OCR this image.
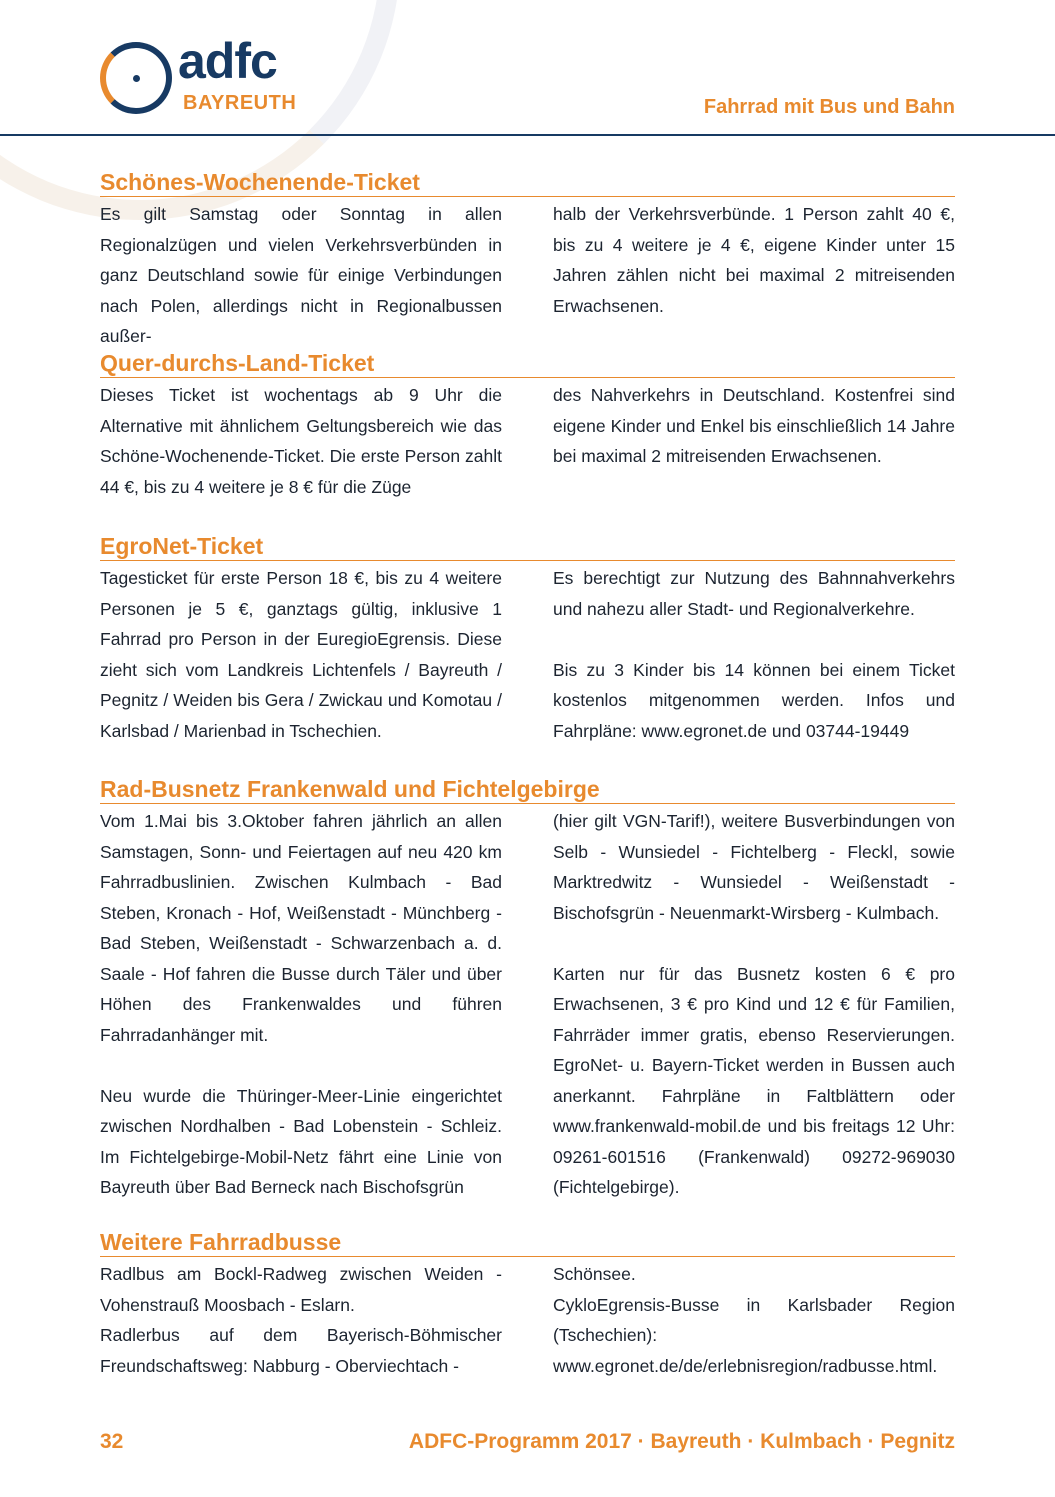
adfc
BAYREUTH	Fahrrad mit Bus und Bahn
Schönes-Wochenende-Ticket

Es gilt Samstag oder Sonntag in allen Regionalzügen und vielen Verkehrsverbünden in ganz Deutschland sowie für einige Verbindungen nach Polen, allerdings nicht in Regionalbussen außer-

halb der Verkehrsverbünde. 1 Person zahlt 40 €, bis zu 4 weitere je 4 €, eigene Kinder unter 15 Jahren zählen nicht bei maximal 2 mitreisenden Erwachsenen.

Quer-durchs-Land-Ticket

Dieses Ticket ist wochentags ab 9 Uhr die Alternative mit ähnlichem Geltungsbereich wie das Schöne-Wochenende-Ticket. Die erste Person zahlt 44 €, bis zu 4 weitere je 8 € für die Züge

des Nahverkehrs in Deutschland. Kostenfrei sind eigene Kinder und Enkel bis einschließlich 14 Jahre bei maximal 2 mitreisenden Erwachsenen.

EgroNet-Ticket

Tagesticket für erste Person 18 €, bis zu 4 weitere Personen je 5 €, ganztags gültig, inklusive 1 Fahrrad pro Person in der EuregioEgrensis. Diese zieht sich vom Landkreis Lichtenfels / Bayreuth / Pegnitz / Weiden bis Gera / Zwickau und Komotau / Karlsbad / Marienbad in Tschechien.

Es berechtigt zur Nutzung des Bahnnahverkehrs und nahezu aller Stadt- und Regionalverkehre.

Bis zu 3 Kinder bis 14 können bei einem Ticket kostenlos mitgenommen werden. Infos und Fahrpläne: www.egronet.de und 03744-19449

Rad-Busnetz Frankenwald und Fichtelgebirge

Vom 1.Mai bis 3.Oktober fahren jährlich an allen Samstagen, Sonn- und Feiertagen auf neu 420 km Fahrradbuslinien. Zwischen Kulmbach - Bad Steben, Kronach - Hof, Weißenstadt - Münchberg - Bad Steben, Weißenstadt - Schwarzenbach a. d. Saale - Hof fahren die Busse durch Täler und über Höhen des Frankenwaldes und führen Fahrradanhänger mit.

Neu wurde die Thüringer-Meer-Linie eingerichtet zwischen Nordhalben - Bad Lobenstein - Schleiz. Im Fichtelgebirge-Mobil-Netz fährt eine Linie von Bayreuth über Bad Berneck nach Bischofsgrün

(hier gilt VGN-Tarif!), weitere Busverbindungen von Selb - Wunsiedel - Fichtelberg - Fleckl, sowie Marktredwitz - Wunsiedel - Weißenstadt - Bischofsgrün - Neuenmarkt-Wirsberg - Kulmbach.

Karten nur für das Busnetz kosten 6 € pro Erwachsenen, 3 € pro Kind und 12 € für Familien, Fahrräder immer gratis, ebenso Reservierungen. EgroNet- u. Bayern-Ticket werden in Bussen auch anerkannt. Fahrpläne in Faltblättern oder www.frankenwald-mobil.de und bis freitags 12 Uhr: 09261-601516 (Frankenwald) 09272-969030 (Fichtelgebirge).

Weitere Fahrradbusse

Radlbus am Bockl-Radweg zwischen Weiden - Vohenstrauß Moosbach - Eslarn.

Radlerbus auf dem Bayerisch-Böhmischer Freundschaftsweg: Nabburg - Oberviechtach -

Schönsee.

CykloEgrensis-Busse in Karlsbader Region (Tschechien): www.egronet.de/de/erlebnisregion/radbusse.html.

32	ADFC-Programm 2017 · Bayreuth · Kulmbach · Pegnitz
